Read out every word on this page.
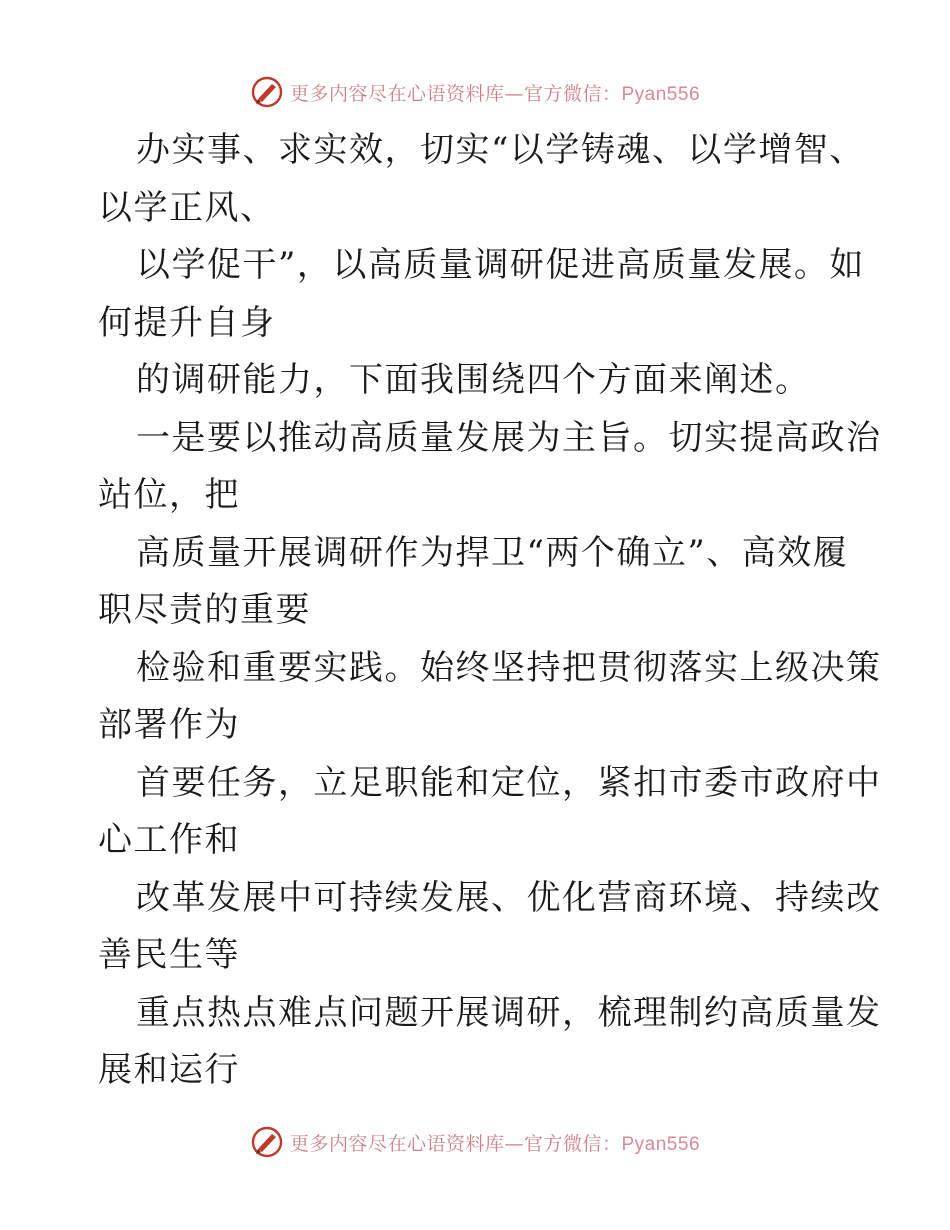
更多内容尽在心语资料库—官方微信：Pyan556
办实事、求实效，切实“以学铸魂、以学增智、
以学正风、
以学促干”，以高质量调研促进高质量发展。如
何提升自身
的调研能力，下面我围绕四个方面来阐述。
一是要以推动高质量发展为主旨。切实提高政治
站位，把
高质量开展调研作为捍卫“两个确立”、高效履
职尽责的重要
检验和重要实践。始终坚持把贯彻落实上级决策
部署作为
首要任务，立足职能和定位，紧扣市委市政府中
心工作和
改革发展中可持续发展、优化营商环境、持续改
善民生等
重点热点难点问题开展调研，梳理制约高质量发
展和运行
更多内容尽在心语资料库—官方微信：Pyan556
